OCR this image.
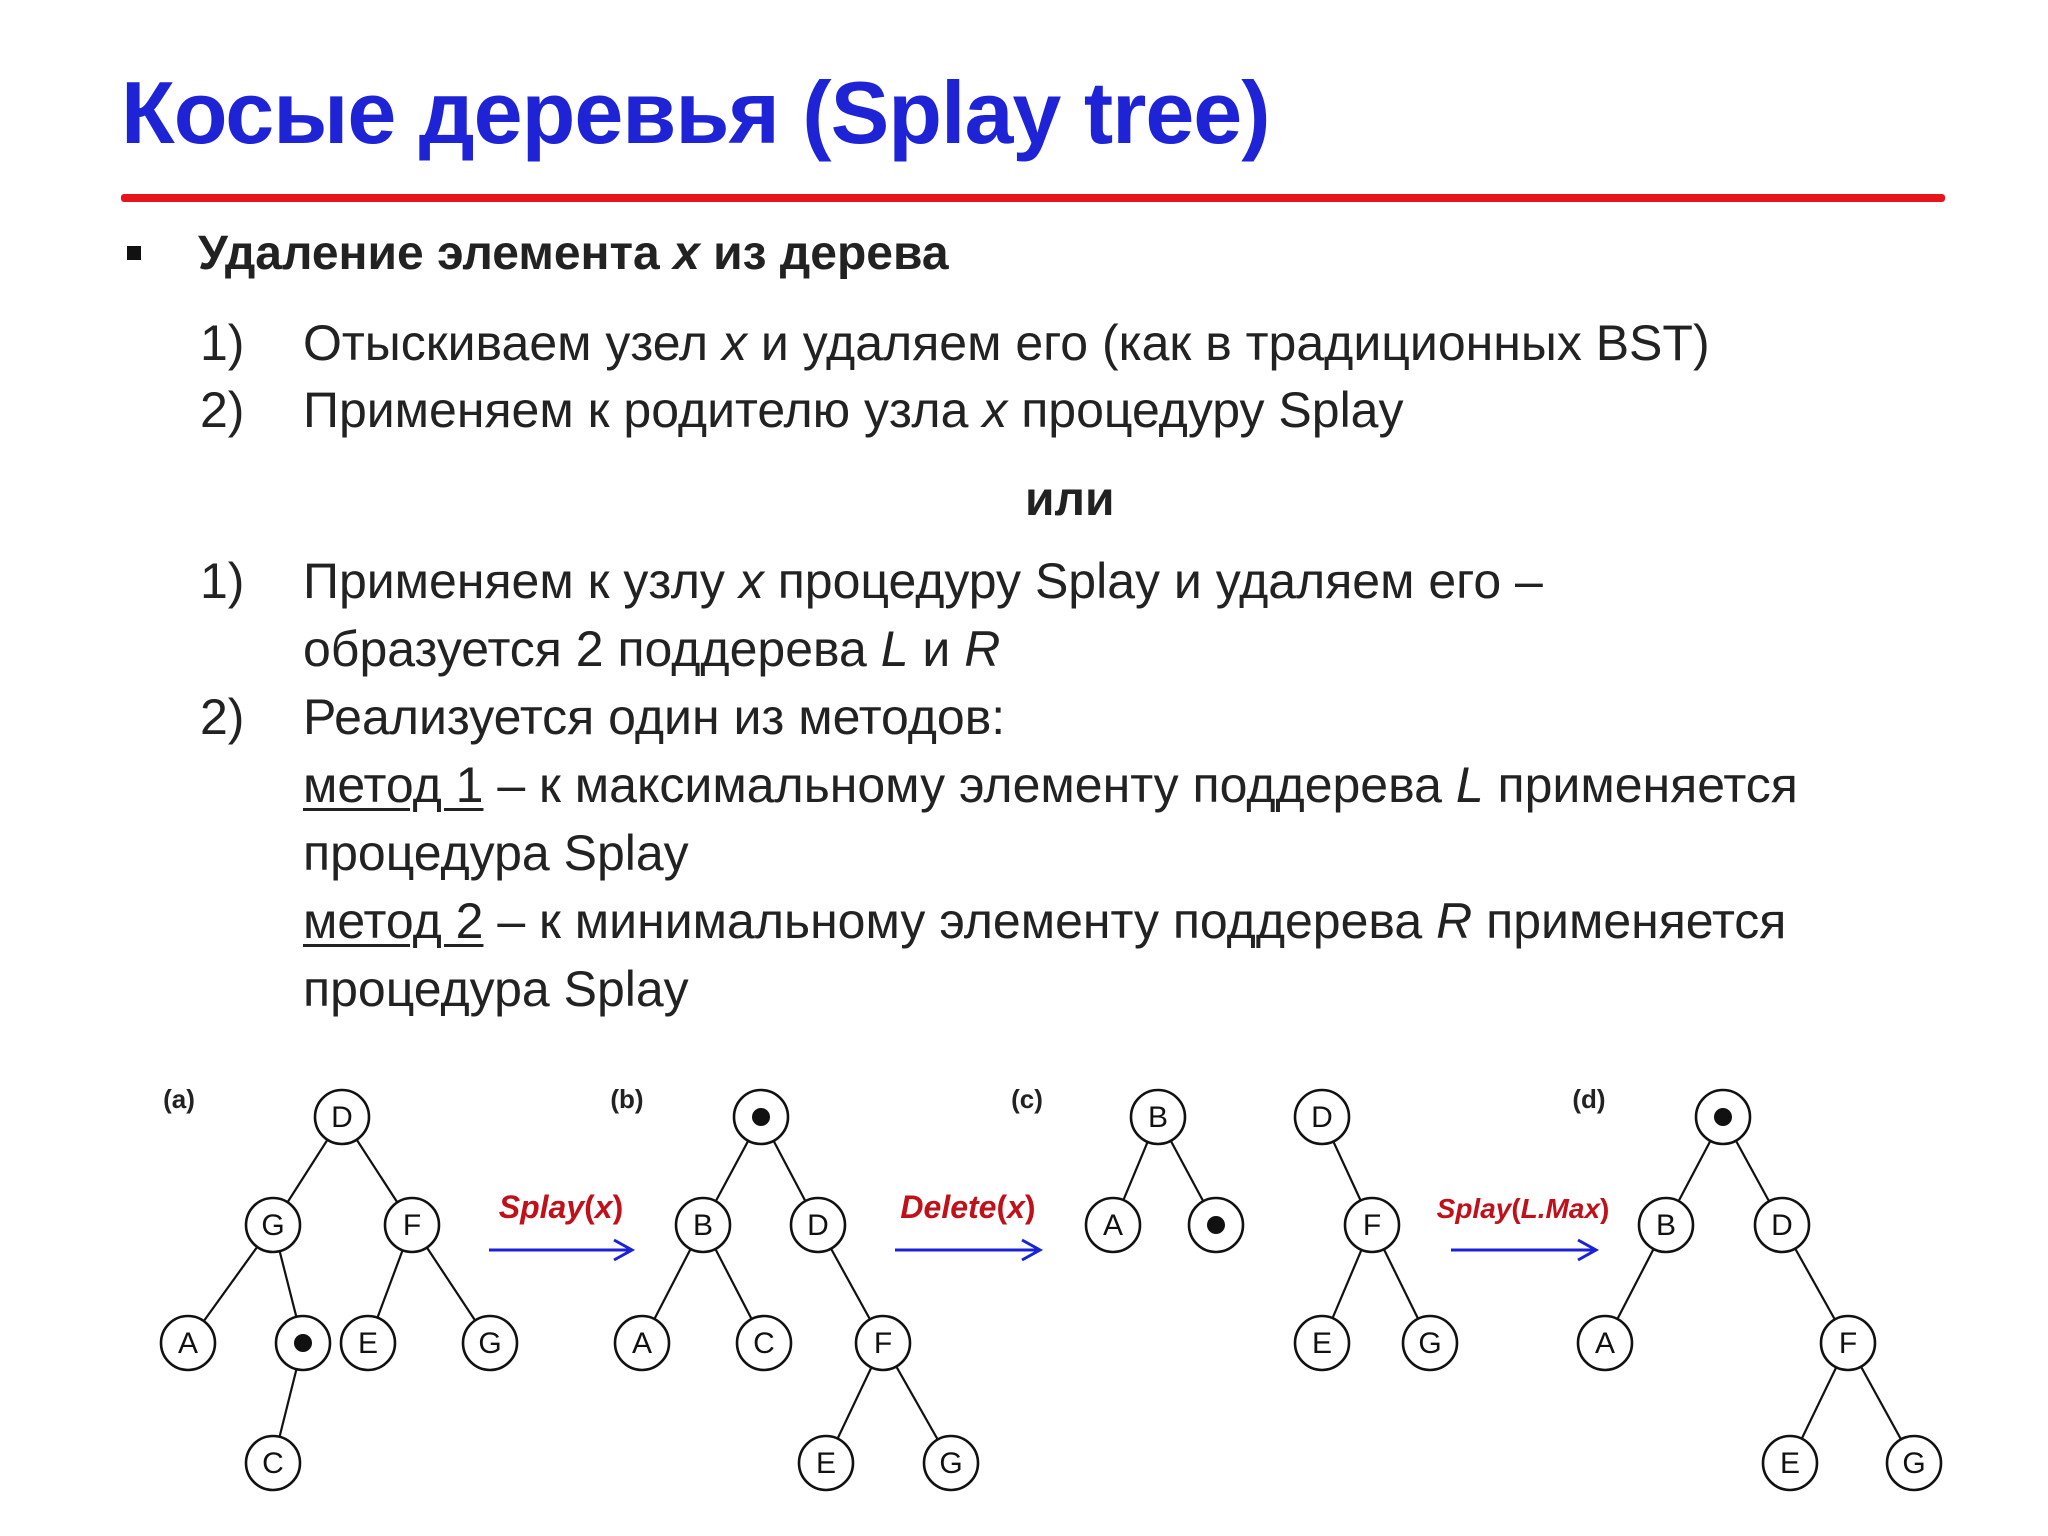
Косые деревья (Splay tree)
Удаление элемента x из дерева
1) Отыскиваем узел x и удаляем его (как в традиционных BST)
2) Применяем к родителю узла x процедуру Splay
или
1) Применяем к узлу x процедуру Splay и удаляем его –
образуется 2 поддерева L и R
2) Реализуется один из методов:
метод 1 – к максимальному элементу поддерева L применяется
процедура Splay
метод 2 – к минимальному элементу поддерева R применяется
процедура Splay
D
G	F
A	E	G
C
B	D
A	C	F
E	G
B
A
D
F
E	G
B	D
A	F
E	G
(a)	(b)	(c)	(d)
Splay(x)	Delete(x)	Splay(L.Max)
